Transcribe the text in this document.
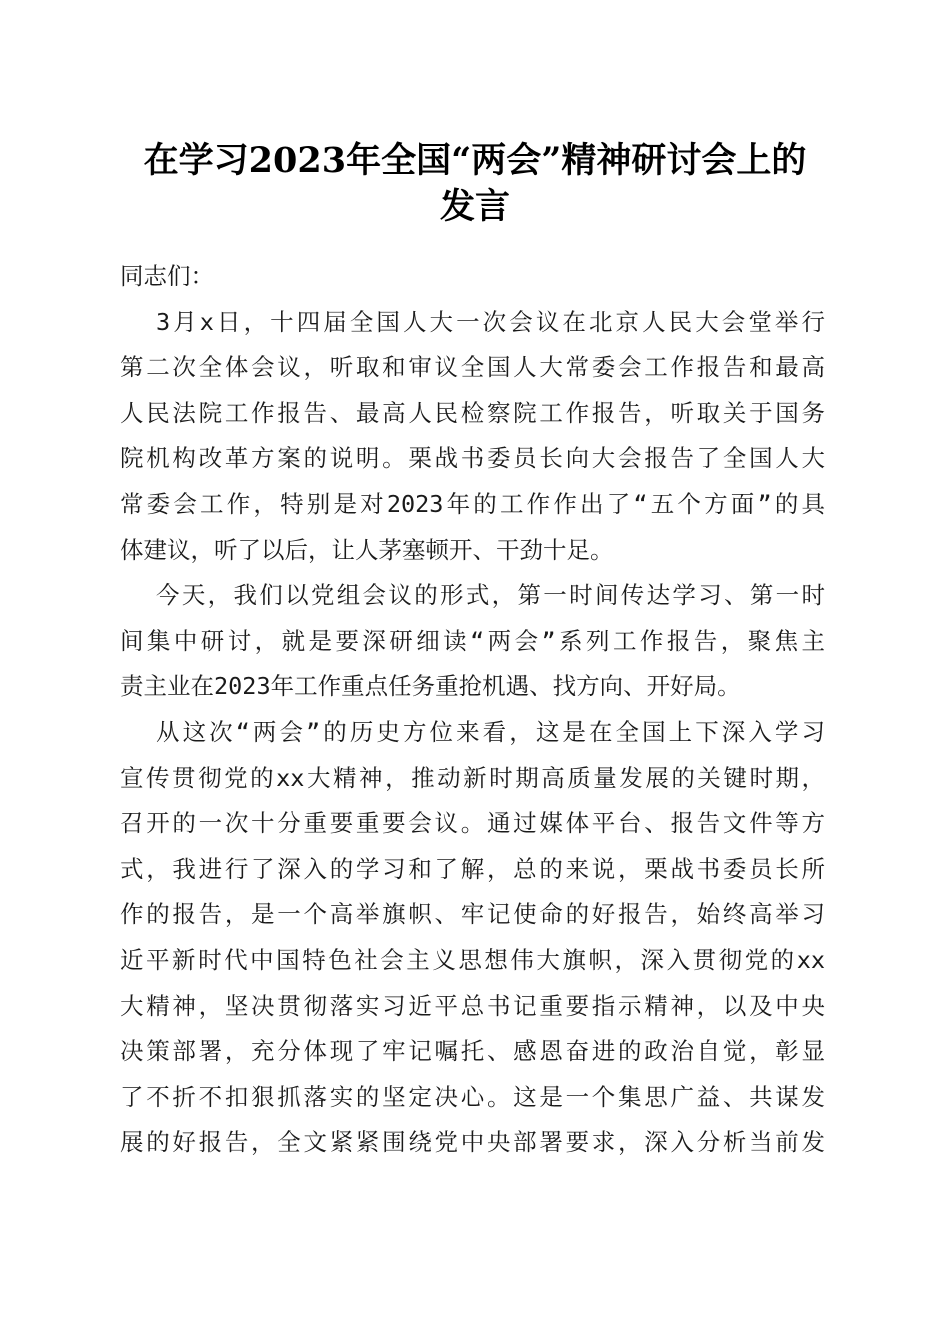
在学习2023年全国“两会”精神研讨会上的
发言
同志们：
3月x日，十四届全国人大一次会议在北京人民大会堂举行
第二次全体会议，听取和审议全国人大常委会工作报告和最高
人民法院工作报告、最高人民检察院工作报告，听取关于国务
院机构改革方案的说明。栗战书委员长向大会报告了全国人大
常委会工作，特别是对2023年的工作作出了“五个方面”的具
体建议，听了以后，让人茅塞顿开、干劲十足。
今天，我们以党组会议的形式，第一时间传达学习、第一时
间集中研讨，就是要深研细读“两会”系列工作报告，聚焦主
责主业在2023年工作重点任务重抢机遇、找方向、开好局。
从这次“两会”的历史方位来看，这是在全国上下深入学习
宣传贯彻党的xx大精神，推动新时期高质量发展的关键时期，
召开的一次十分重要重要会议。通过媒体平台、报告文件等方
式，我进行了深入的学习和了解，总的来说，栗战书委员长所
作的报告，是一个高举旗帜、牢记使命的好报告，始终高举习
近平新时代中国特色社会主义思想伟大旗帜，深入贯彻党的xx
大精神，坚决贯彻落实习近平总书记重要指示精神，以及中央
决策部署，充分体现了牢记嘱托、感恩奋进的政治自觉，彰显
了不折不扣狠抓落实的坚定决心。这是一个集思广益、共谋发
展的好报告，全文紧紧围绕党中央部署要求，深入分析当前发
